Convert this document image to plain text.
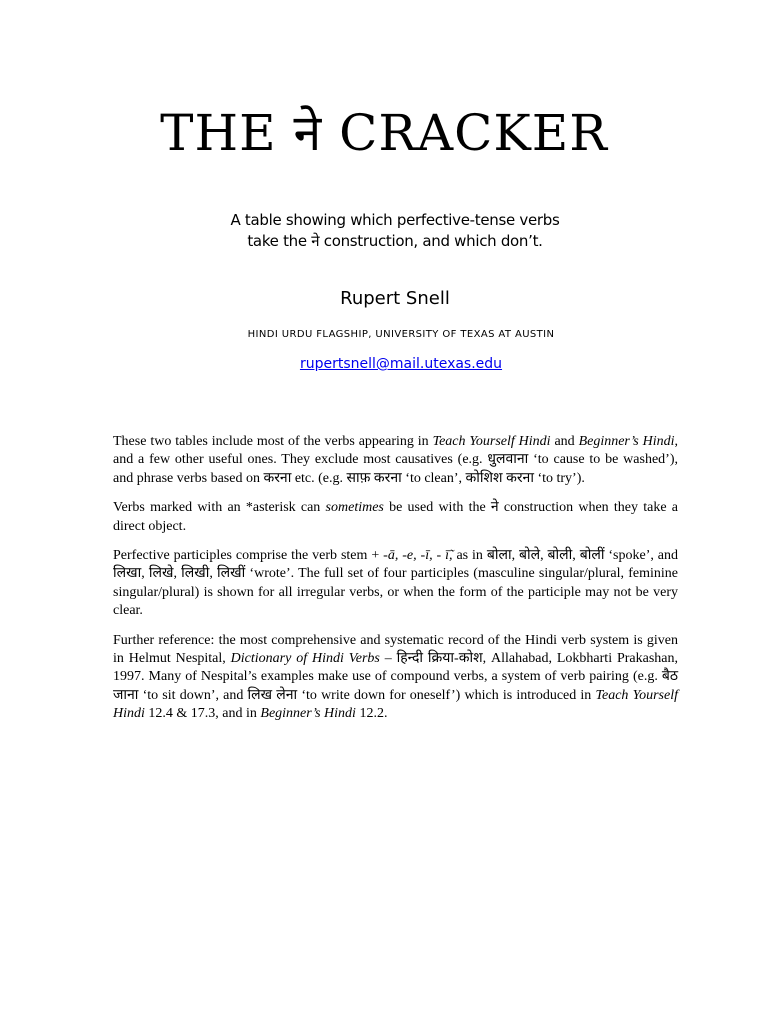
THE ने CRACKER
A table showing which perfective-tense verbs
take the ने construction, and which don’t.
Rupert Snell
HINDI URDU FLAGSHIP, UNIVERSITY OF TEXAS AT AUSTIN
rupertsnell@mail.utexas.edu

These two tables include most of the verbs appearing in Teach Yourself Hindi and Beginner’s Hindi, and a few other useful ones. They exclude most causatives (e.g. धुलवाना ‘to cause to be washed’), and phrase verbs based on करना etc. (e.g. साफ़ करना ‘to clean’, कोशिश करना ‘to try’).

Verbs marked with an *asterisk can sometimes be used with the ने construction when they take a direct object.

Perfective participles comprise the verb stem + -ā, -e, -ī, - ī̃, as in बोला, बोले, बोली, बोलीं ‘spoke’, and लिखा, लिखे, लिखी, लिखीं ‘wrote’. The full set of four participles (masculine singular/plural, feminine singular/plural) is shown for all irregular verbs, or when the form of the participle may not be very clear.

Further reference: the most comprehensive and systematic record of the Hindi verb system is given in Helmut Nespital, Dictionary of Hindi Verbs – हिन्दी क्रिया-कोश, Allahabad, Lokbharti Prakashan, 1997. Many of Nespital’s examples make use of compound verbs, a system of verb pairing (e.g. बैठ जाना ‘to sit down’, and लिख लेना ‘to write down for oneself’) which is introduced in Teach Yourself Hindi 12.4 & 17.3, and in Beginner’s Hindi 12.2.
